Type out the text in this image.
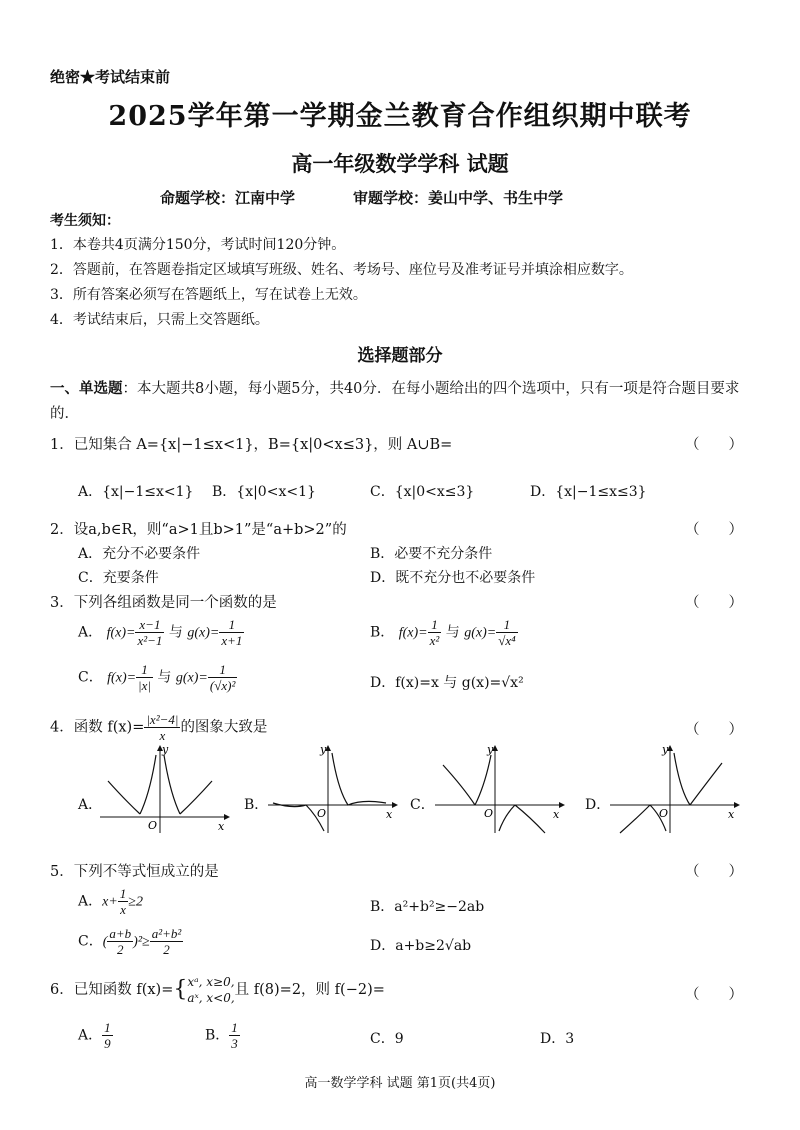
绝密★考试结束前
2025学年第一学期金兰教育合作组织期中联考
高一年级数学学科 试题
命题学校：江南中学	审题学校：姜山中学、书生中学
考生须知：
1．本卷共4页满分150分，考试时间120分钟。
2．答题前，在答题卷指定区域填写班级、姓名、考场号、座位号及准考证号并填涂相应数字。
3．所有答案必须写在答题纸上，写在试卷上无效。
4．考试结束后，只需上交答题纸。
选择题部分
一、单选题：本大题共8小题，每小题5分，共40分．在每小题给出的四个选项中，只有一项是符合题目要求的．
1．已知集合 A={x|−1≤x<1}，B={x|0<x≤3}，则 A∪B=	（　　）
A．{x|−1≤x<1} B．{x|0<x<1}	C．{x|0<x≤3}	D．{x|−1≤x≤3}
2．设a,b∈R，则“a>1且b>1”是“a+b>2”的	（　　）
A．充分不必要条件	B．必要不充分条件
C．充要条件	D．既不充分也不必要条件
3．下列各组函数是同一个函数的是	（　　）
A． $f(x)= \frac{x-1}{\text{x²−1}}$ 与 $g(x)= \frac{1}{x+1}$	B． $f(x)= \frac{1}{\text{x²}}$ 与 $g(x)= \frac{1}{\text{√x⁴}}$
C． $f(x)= \frac{1}{|x|}$ 与 $g(x)= \frac{1}{\text{(√x)²}}$	D．f(x)=x 与 g(x)=√x²
4．函数 $f(x)= \frac{\text{|x²−4|}}{x}$ 的图象大致是	（　　）
A．	B．	C．	D．
y
x
O
y
x
O
y
x
O
y
x
O
5．下列不等式恒成立的是	（　　）
A．$x+ \frac{1}{x} \ge 2$	B．a²+b²≥−2ab
C．( $\frac{a+b}{2} )^2\ge \frac{\text{a²+b²}}{2}$	D．a+b≥2√ab
6．已知函数 f(x)={ xᵃ, x≥0,
aˣ, x<0, 且 f(8)=2，则 f(−2)=	（　　）
A． $\frac{1}{9}$	B． $\frac{1}{3}$	C．9	D．3
高一数学学科 试题 第1页(共4页)
